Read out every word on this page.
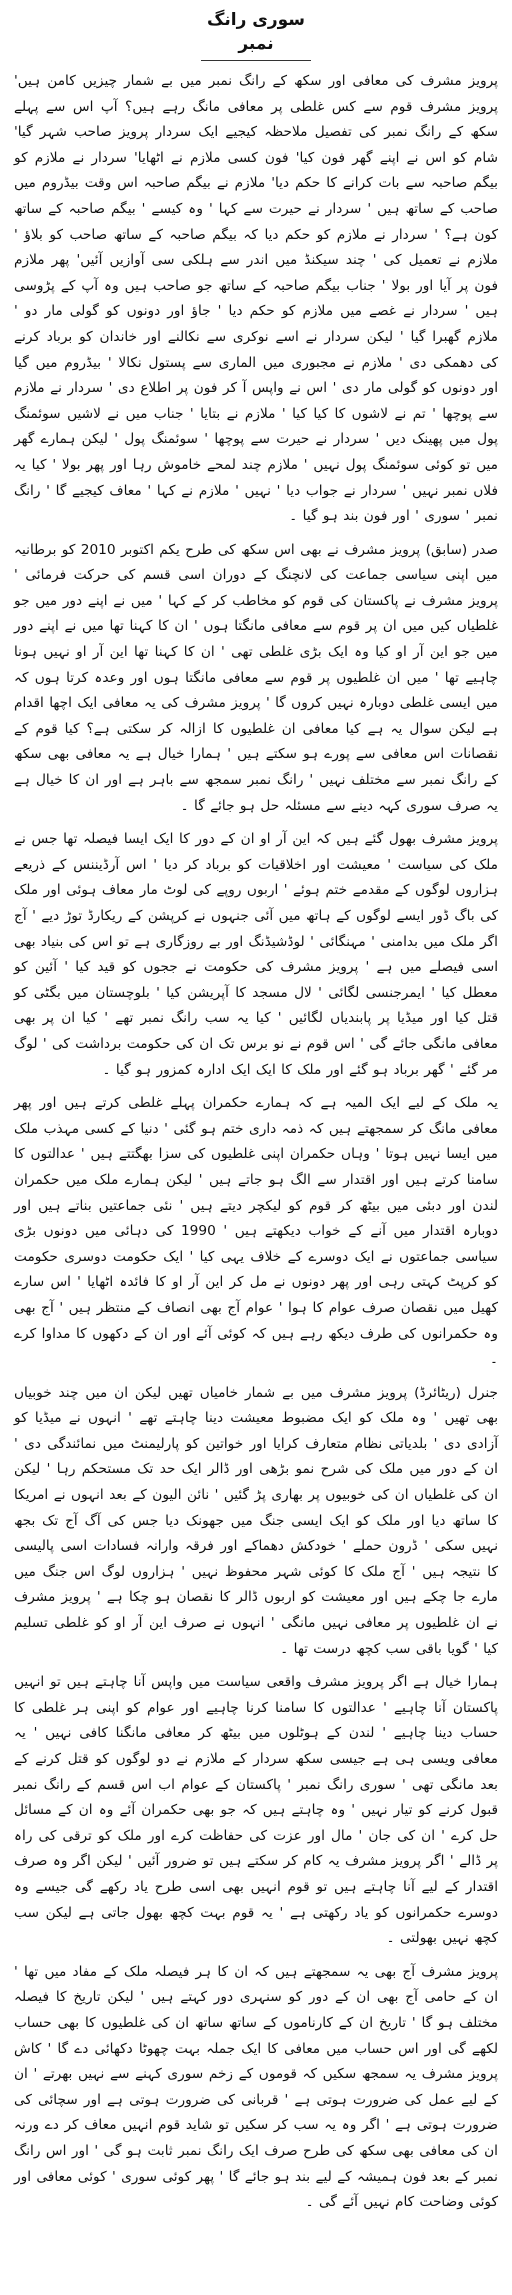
سوری رانگ نمبر

پرویز مشرف کی معافی اور سکھ کے رانگ نمبر میں بے شمار چیزیں کامن ہیں' پرویز مشرف قوم سے کس غلطی پر معافی مانگ رہے ہیں؟ آپ اس سے پہلے سکھ کے رانگ نمبر کی تفصیل ملاحظہ کیجیے ایک سردار پرویز صاحب شہر گیا' شام کو اس نے اپنے گھر فون کیا' فون کسی ملازم نے اٹھایا' سردار نے ملازم کو بیگم صاحبہ سے بات کرانے کا حکم دیا' ملازم نے بیگم صاحبہ اس وقت بیڈروم میں صاحب کے ساتھ ہیں ' سردار نے حیرت سے کہا ' وہ کیسے ' بیگم صاحبہ کے ساتھ کون ہے؟ ' سردار نے ملازم کو حکم دیا کہ بیگم صاحبہ کے ساتھ صاحب کو بلاؤ ' ملازم نے تعمیل کی ' چند سیکنڈ میں اندر سے ہلکی سی آوازیں آئیں' پھر ملازم فون پر آیا اور بولا ' جناب بیگم صاحبہ کے ساتھ جو صاحب ہیں وہ آپ کے پڑوسی ہیں ' سردار نے غصے میں ملازم کو حکم دیا ' جاؤ اور دونوں کو گولی مار دو ' ملازم گھبرا گیا ' لیکن سردار نے اسے نوکری سے نکالنے اور خاندان کو برباد کرنے کی دھمکی دی ' ملازم نے مجبوری میں الماری سے پستول نکالا ' بیڈروم میں گیا اور دونوں کو گولی مار دی ' اس نے واپس آ کر فون پر اطلاع دی ' سردار نے ملازم سے پوچھا ' تم نے لاشوں کا کیا کیا ' ملازم نے بتایا ' جناب میں نے لاشیں سوئمنگ پول میں پھینک دیں ' سردار نے حیرت سے پوچھا ' سوئمنگ پول ' لیکن ہمارے گھر میں تو کوئی سوئمنگ پول نہیں ' ملازم چند لمحے خاموش رہا اور پھر بولا ' کیا یہ فلاں نمبر نہیں ' سردار نے جواب دیا ' نہیں ' ملازم نے کہا ' معاف کیجیے گا ' رانگ نمبر ' سوری ' اور فون بند ہو گیا ۔

صدر (سابق) پرویز مشرف نے بھی اس سکھ کی طرح یکم اکتوبر 2010 کو برطانیہ میں اپنی سیاسی جماعت کی لانچنگ کے دوران اسی قسم کی حرکت فرمائی ' پرویز مشرف نے پاکستان کی قوم کو مخاطب کر کے کہا ' میں نے اپنے دور میں جو غلطیاں کیں میں ان پر قوم سے معافی مانگتا ہوں ' ان کا کہنا تھا میں نے اپنے دور میں جو این آر او کیا وہ ایک بڑی غلطی تھی ' ان کا کہنا تھا این آر او نہیں ہونا چاہیے تھا ' میں ان غلطیوں پر قوم سے معافی مانگتا ہوں اور وعدہ کرتا ہوں کہ میں ایسی غلطی دوبارہ نہیں کروں گا ' پرویز مشرف کی یہ معافی ایک اچھا اقدام ہے لیکن سوال یہ ہے کیا معافی ان غلطیوں کا ازالہ کر سکتی ہے؟ کیا قوم کے نقصانات اس معافی سے پورے ہو سکتے ہیں ' ہمارا خیال ہے یہ معافی بھی سکھ کے رانگ نمبر سے مختلف نہیں ' رانگ نمبر سمجھ سے باہر ہے اور ان کا خیال ہے یہ صرف سوری کہہ دینے سے مسئلہ حل ہو جائے گا ۔

پرویز مشرف بھول گئے ہیں کہ این آر او ان کے دور کا ایک ایسا فیصلہ تھا جس نے ملک کی سیاست ' معیشت اور اخلاقیات کو برباد کر دیا ' اس آرڈیننس کے ذریعے ہزاروں لوگوں کے مقدمے ختم ہوئے ' اربوں روپے کی لوٹ مار معاف ہوئی اور ملک کی باگ ڈور ایسے لوگوں کے ہاتھ میں آئی جنہوں نے کرپشن کے ریکارڈ توڑ دیے ' آج اگر ملک میں بدامنی ' مہنگائی ' لوڈشیڈنگ اور بے روزگاری ہے تو اس کی بنیاد بھی اسی فیصلے میں ہے ' پرویز مشرف کی حکومت نے ججوں کو قید کیا ' آئین کو معطل کیا ' ایمرجنسی لگائی ' لال مسجد کا آپریشن کیا ' بلوچستان میں بگٹی کو قتل کیا اور میڈیا پر پابندیاں لگائیں ' کیا یہ سب رانگ نمبر تھے ' کیا ان پر بھی معافی مانگی جائے گی ' اس قوم نے نو برس تک ان کی حکومت برداشت کی ' لوگ مر گئے ' گھر برباد ہو گئے اور ملک کا ایک ایک ادارہ کمزور ہو گیا ۔

یہ ملک کے لیے ایک المیہ ہے کہ ہمارے حکمران پہلے غلطی کرتے ہیں اور پھر معافی مانگ کر سمجھتے ہیں کہ ذمہ داری ختم ہو گئی ' دنیا کے کسی مہذب ملک میں ایسا نہیں ہوتا ' وہاں حکمران اپنی غلطیوں کی سزا بھگتتے ہیں ' عدالتوں کا سامنا کرتے ہیں اور اقتدار سے الگ ہو جاتے ہیں ' لیکن ہمارے ملک میں حکمران لندن اور دبئی میں بیٹھ کر قوم کو لیکچر دیتے ہیں ' نئی جماعتیں بناتے ہیں اور دوبارہ اقتدار میں آنے کے خواب دیکھتے ہیں ' 1990 کی دہائی میں دونوں بڑی سیاسی جماعتوں نے ایک دوسرے کے خلاف یہی کیا ' ایک حکومت دوسری حکومت کو کرپٹ کہتی رہی اور پھر دونوں نے مل کر این آر او کا فائدہ اٹھایا ' اس سارے کھیل میں نقصان صرف عوام کا ہوا ' عوام آج بھی انصاف کے منتظر ہیں ' آج بھی وہ حکمرانوں کی طرف دیکھ رہے ہیں کہ کوئی آئے اور ان کے دکھوں کا مداوا کرے ۔

جنرل (ریٹائرڈ) پرویز مشرف میں بے شمار خامیاں تھیں لیکن ان میں چند خوبیاں بھی تھیں ' وہ ملک کو ایک مضبوط معیشت دینا چاہتے تھے ' انہوں نے میڈیا کو آزادی دی ' بلدیاتی نظام متعارف کرایا اور خواتین کو پارلیمنٹ میں نمائندگی دی ' ان کے دور میں ملک کی شرح نمو بڑھی اور ڈالر ایک حد تک مستحکم رہا ' لیکن ان کی غلطیاں ان کی خوبیوں پر بھاری پڑ گئیں ' نائن الیون کے بعد انہوں نے امریکا کا ساتھ دیا اور ملک کو ایک ایسی جنگ میں جھونک دیا جس کی آگ آج تک بجھ نہیں سکی ' ڈرون حملے ' خودکش دھماکے اور فرقہ وارانہ فسادات اسی پالیسی کا نتیجہ ہیں ' آج ملک کا کوئی شہر محفوظ نہیں ' ہزاروں لوگ اس جنگ میں مارے جا چکے ہیں اور معیشت کو اربوں ڈالر کا نقصان ہو چکا ہے ' پرویز مشرف نے ان غلطیوں پر معافی نہیں مانگی ' انہوں نے صرف این آر او کو غلطی تسلیم کیا ' گویا باقی سب کچھ درست تھا ۔

ہمارا خیال ہے اگر پرویز مشرف واقعی سیاست میں واپس آنا چاہتے ہیں تو انہیں پاکستان آنا چاہیے ' عدالتوں کا سامنا کرنا چاہیے اور عوام کو اپنی ہر غلطی کا حساب دینا چاہیے ' لندن کے ہوٹلوں میں بیٹھ کر معافی مانگنا کافی نہیں ' یہ معافی ویسی ہی ہے جیسی سکھ سردار کے ملازم نے دو لوگوں کو قتل کرنے کے بعد مانگی تھی ' سوری رانگ نمبر ' پاکستان کے عوام اب اس قسم کے رانگ نمبر قبول کرنے کو تیار نہیں ' وہ چاہتے ہیں کہ جو بھی حکمران آئے وہ ان کے مسائل حل کرے ' ان کی جان ' مال اور عزت کی حفاظت کرے اور ملک کو ترقی کی راہ پر ڈالے ' اگر پرویز مشرف یہ کام کر سکتے ہیں تو ضرور آئیں ' لیکن اگر وہ صرف اقتدار کے لیے آنا چاہتے ہیں تو قوم انہیں بھی اسی طرح یاد رکھے گی جیسے وہ دوسرے حکمرانوں کو یاد رکھتی ہے ' یہ قوم بہت کچھ بھول جاتی ہے لیکن سب کچھ نہیں بھولتی ۔

پرویز مشرف آج بھی یہ سمجھتے ہیں کہ ان کا ہر فیصلہ ملک کے مفاد میں تھا ' ان کے حامی آج بھی ان کے دور کو سنہری دور کہتے ہیں ' لیکن تاریخ کا فیصلہ مختلف ہو گا ' تاریخ ان کے کارناموں کے ساتھ ساتھ ان کی غلطیوں کا بھی حساب لکھے گی اور اس حساب میں معافی کا ایک جملہ بہت چھوٹا دکھائی دے گا ' کاش پرویز مشرف یہ سمجھ سکیں کہ قوموں کے زخم سوری کہنے سے نہیں بھرتے ' ان کے لیے عمل کی ضرورت ہوتی ہے ' قربانی کی ضرورت ہوتی ہے اور سچائی کی ضرورت ہوتی ہے ' اگر وہ یہ سب کر سکیں تو شاید قوم انہیں معاف کر دے ورنہ ان کی معافی بھی سکھ کی طرح صرف ایک رانگ نمبر ثابت ہو گی ' اور اس رانگ نمبر کے بعد فون ہمیشہ کے لیے بند ہو جائے گا ' پھر کوئی سوری ' کوئی معافی اور کوئی وضاحت کام نہیں آئے گی ۔
